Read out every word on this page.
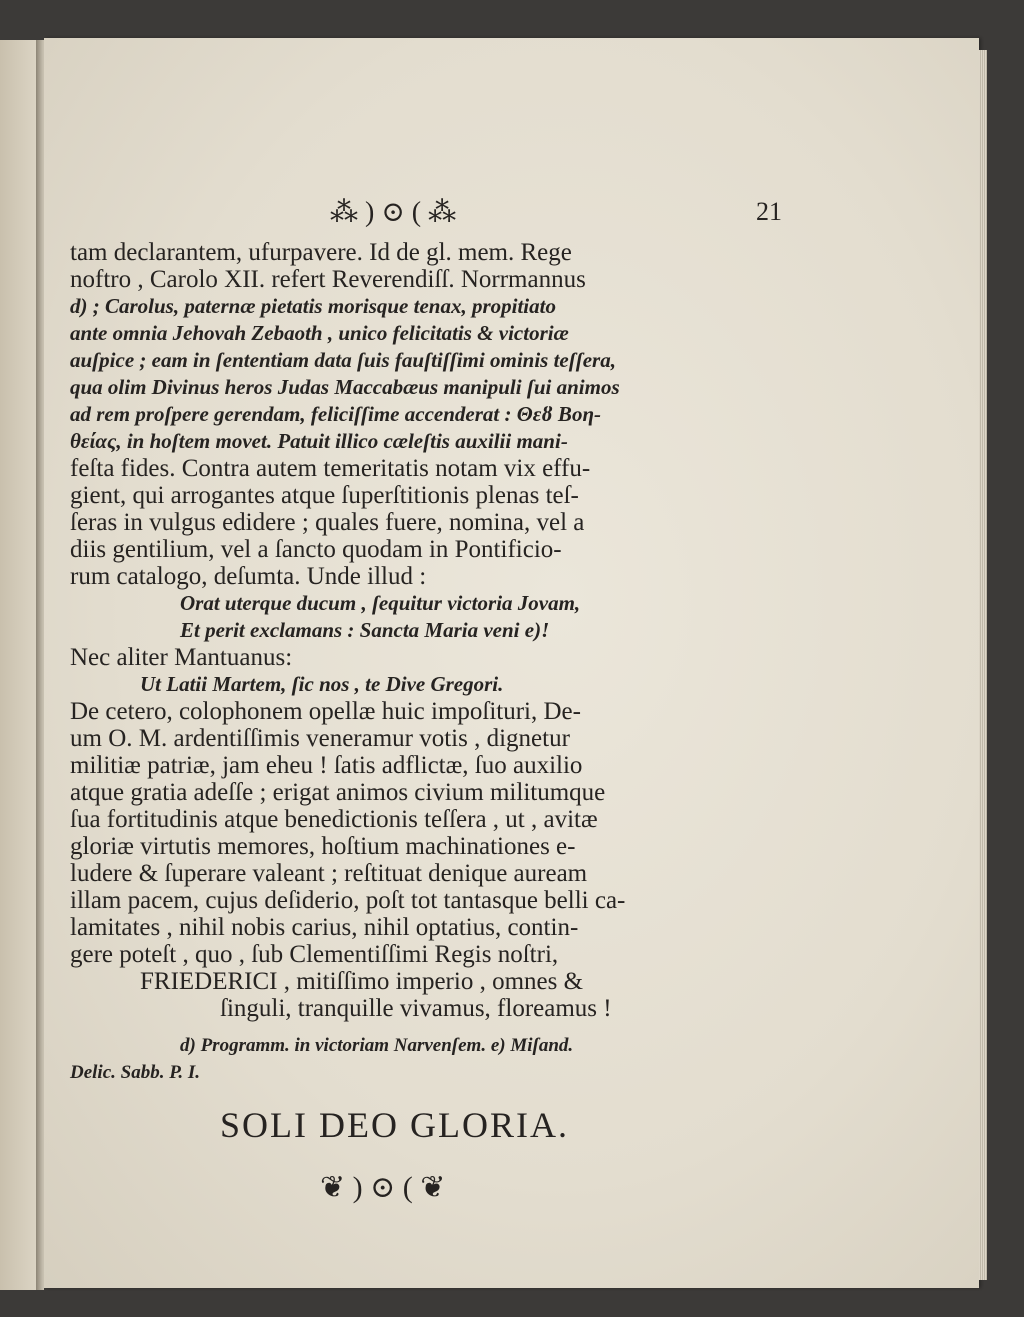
⁂ ) ⊙ ( ⁂	21
tam declarantem, ufurpavere. Id de gl. mem. Rege
noftro , Carolo XII. refert Reverendiſſ. Norrmannus
d) ; Carolus, paternæ pietatis morisque tenax, propitiato
ante omnia Jehovah Zebaoth , unico felicitatis & victoriæ
auſpice ; eam in ſententiam data ſuis fauſtiſſimi ominis teſſera,
qua olim Divinus heros Judas Maccabæus manipuli ſui animos
ad rem proſpere gerendam, feliciſſime accenderat : Θεȣ Βοη-
θείας, in hoſtem movet. Patuit illico cæleſtis auxilii mani-
feſta fides. Contra autem temeritatis notam vix effu-
gient, qui arrogantes atque ſuperſtitionis plenas teſ-
ſeras in vulgus edidere ; quales fuere, nomina, vel a
diis gentilium, vel a ſancto quodam in Pontificio-
rum catalogo, deſumta. Unde illud :
Orat uterque ducum , ſequitur victoria Jovam,
Et perit exclamans : Sancta Maria veni e)!
Nec aliter Mantuanus:
Ut Latii Martem, ſic nos , te Dive Gregori.
De cetero, colophonem opellæ huic impoſituri, De-
um O. M. ardentiſſimis veneramur votis , dignetur
militiæ patriæ, jam eheu ! ſatis adflictæ, ſuo auxilio
atque gratia adeſſe ; erigat animos civium militumque
ſua fortitudinis atque benedictionis teſſera , ut , avitæ
gloriæ virtutis memores, hoſtium machinationes e-
ludere & ſuperare valeant ; reſtituat denique auream
illam pacem, cujus deſiderio, poſt tot tantasque belli ca-
lamitates , nihil nobis carius, nihil optatius, contin-
gere poteſt , quo , ſub Clementiſſimi Regis noſtri,
FRIEDERICI , mitiſſimo imperio , omnes &
ſinguli, tranquille vivamus, floreamus !
d) Programm. in victoriam Narvenſem. e) Miſand.
Delic. Sabb. P. I.
SOLI DEO GLORIA.
❦ ) ⊙ ( ❦
